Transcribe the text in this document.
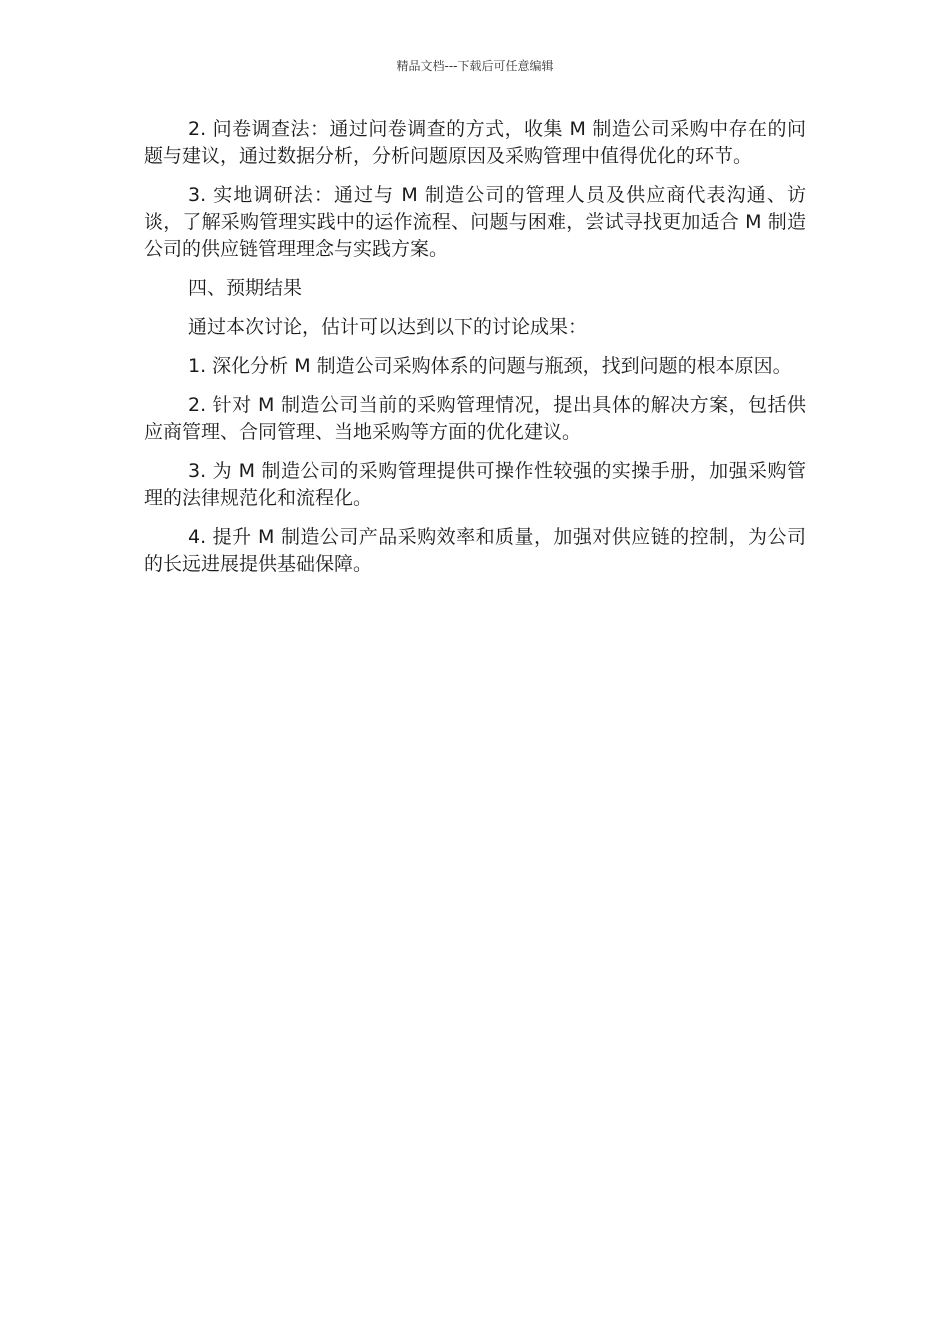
精品文档---下载后可任意编辑

2. 问卷调查法：通过问卷调查的方式，收集 M 制造公司采购中存在的问题与建议，通过数据分析，分析问题原因及采购管理中值得优化的环节。

3. 实地调研法：通过与 M 制造公司的管理人员及供应商代表沟通、访谈，了解采购管理实践中的运作流程、问题与困难，尝试寻找更加适合 M 制造公司的供应链管理理念与实践方案。

四、预期结果

通过本次讨论，估计可以达到以下的讨论成果：

1. 深化分析 M 制造公司采购体系的问题与瓶颈，找到问题的根本原因。

2. 针对 M 制造公司当前的采购管理情况，提出具体的解决方案，包括供应商管理、合同管理、当地采购等方面的优化建议。

3. 为 M 制造公司的采购管理提供可操作性较强的实操手册，加强采购管理的法律规范化和流程化。

4. 提升 M 制造公司产品采购效率和质量，加强对供应链的控制，为公司的长远进展提供基础保障。
